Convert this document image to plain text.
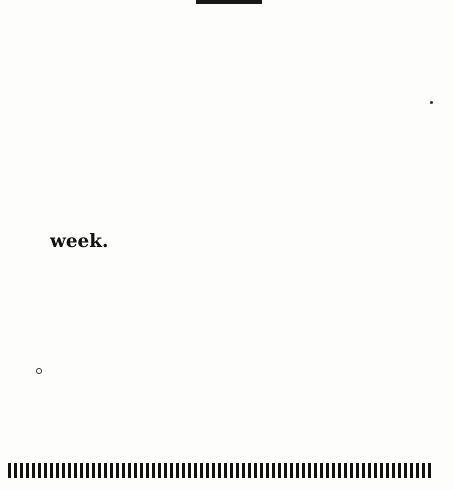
week.
